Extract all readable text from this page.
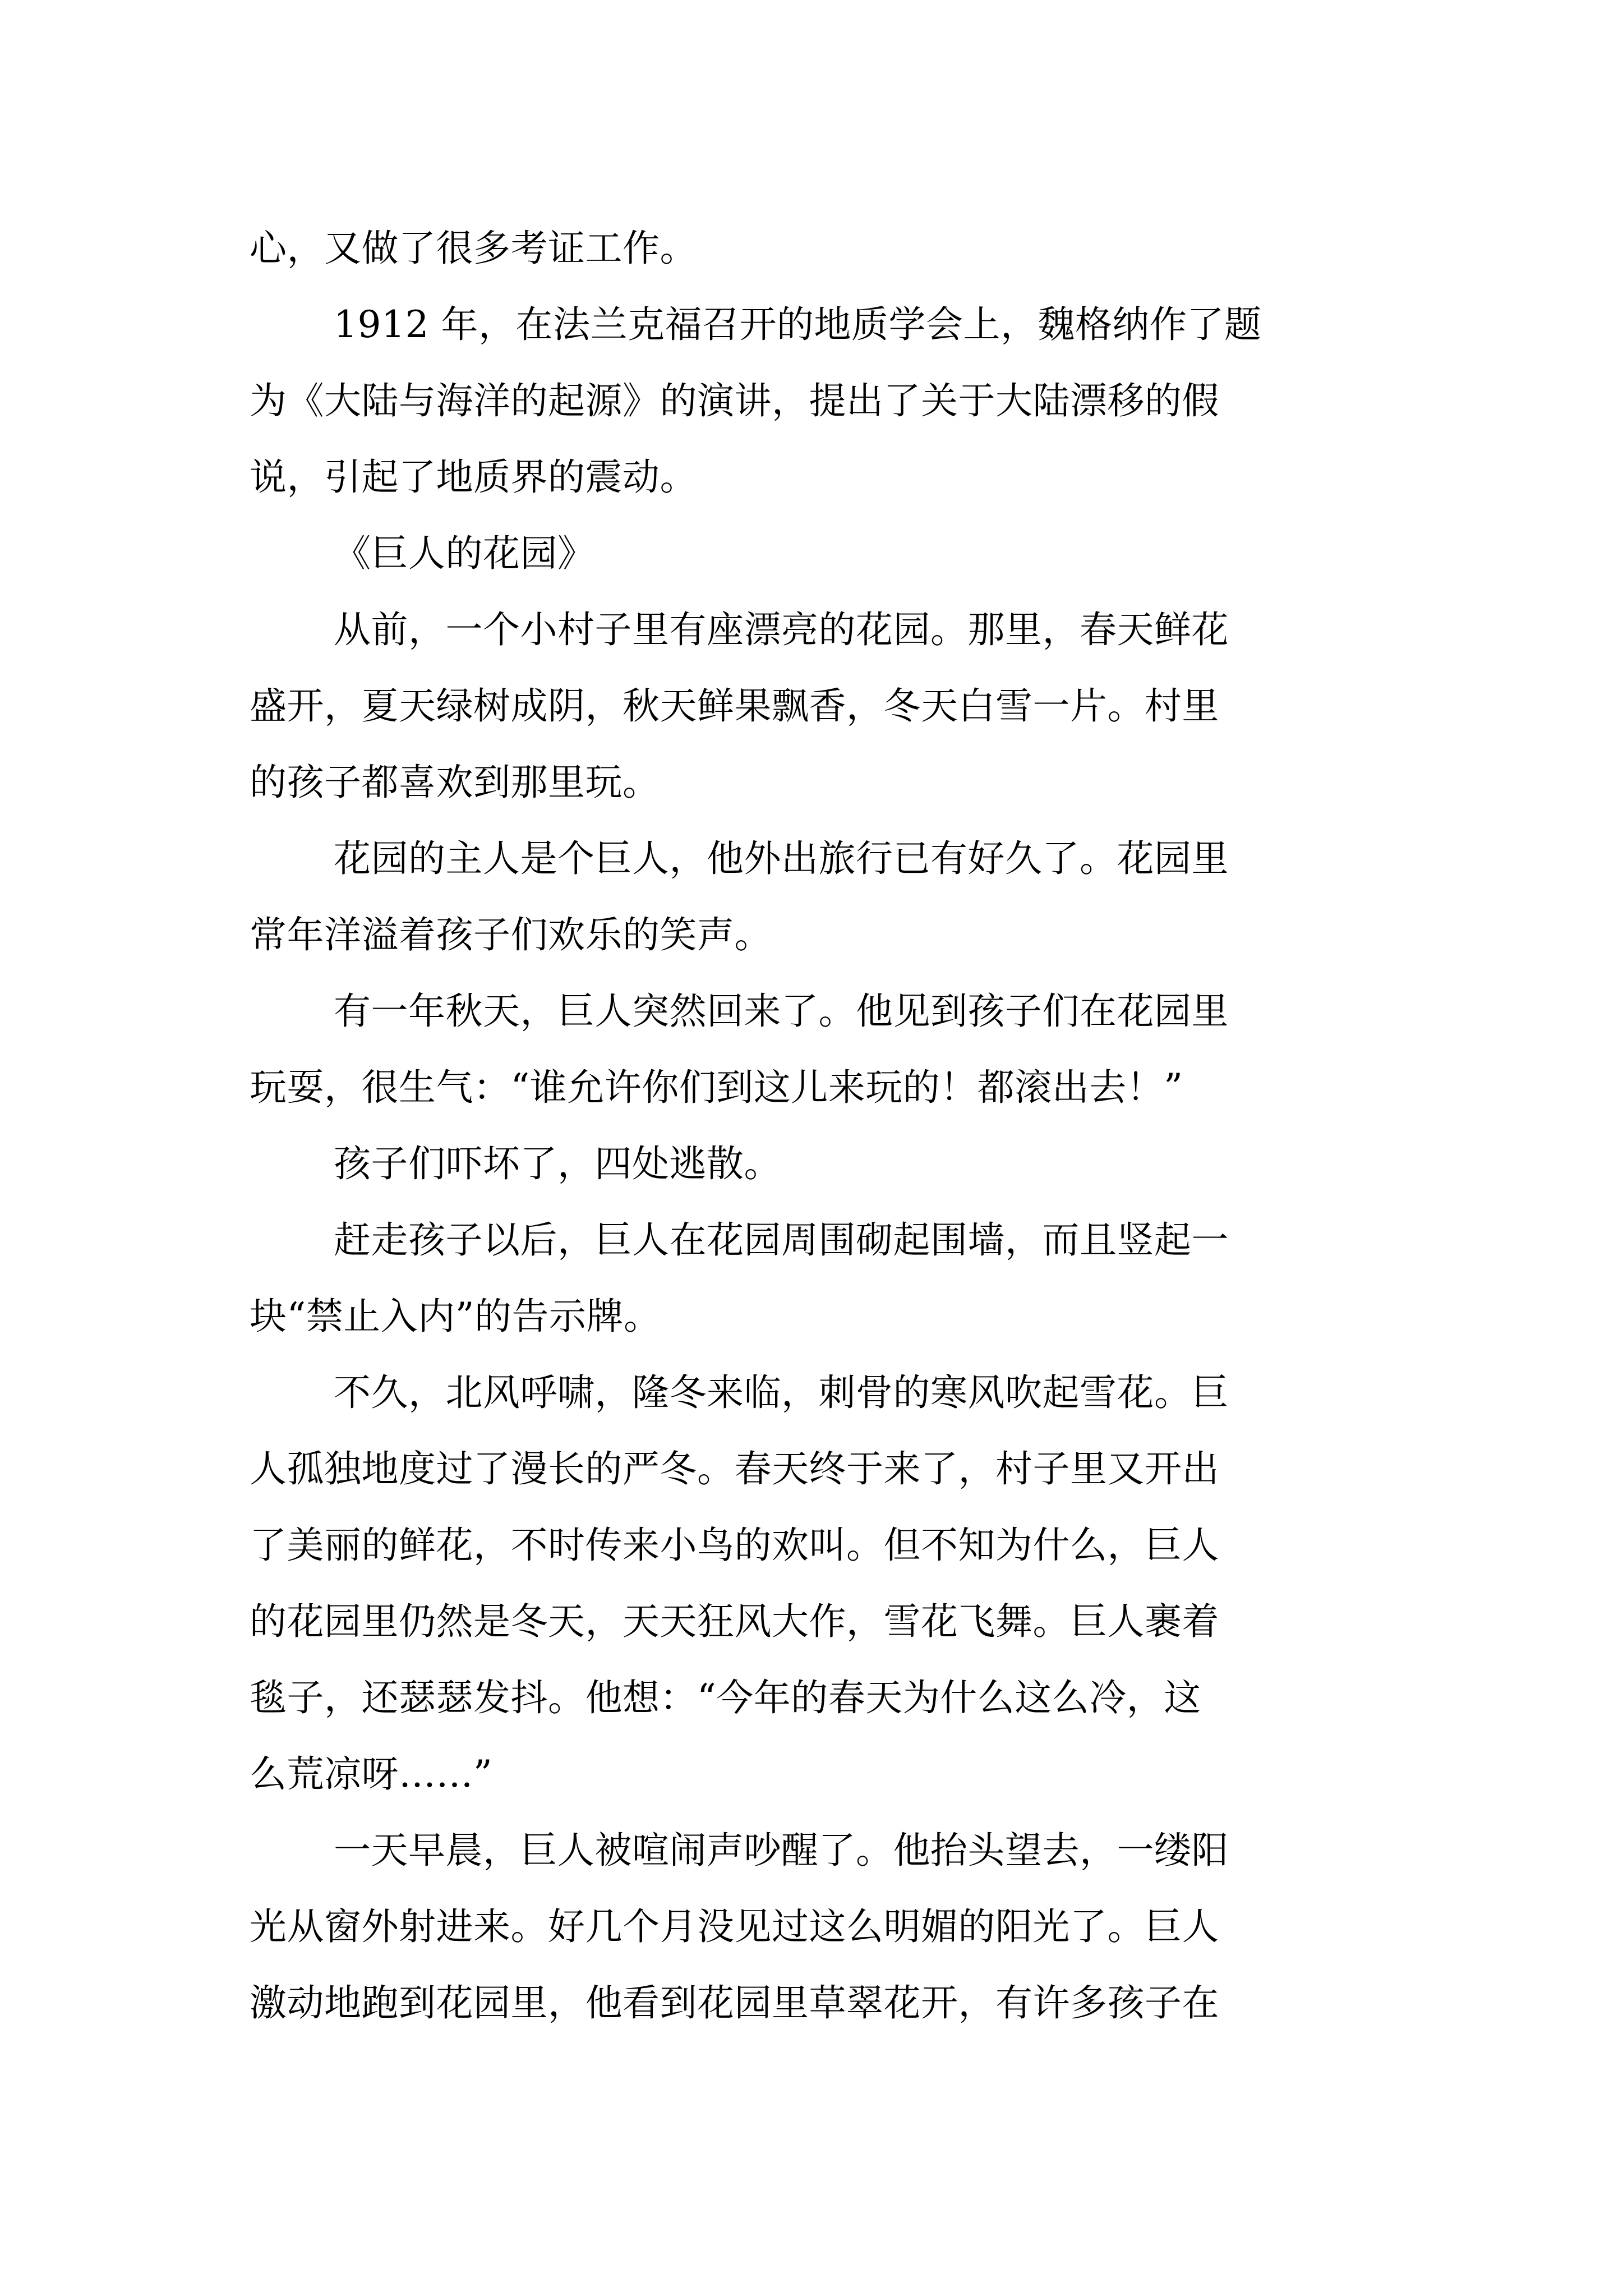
心，又做了很多考证工作。
1912 年，在法兰克福召开的地质学会上，魏格纳作了题
为《大陆与海洋的起源》的演讲，提出了关于大陆漂移的假
说，引起了地质界的震动。
《巨人的花园》
从前，一个小村子里有座漂亮的花园。那里，春天鲜花
盛开，夏天绿树成阴，秋天鲜果飘香，冬天白雪一片。村里
的孩子都喜欢到那里玩。
花园的主人是个巨人，他外出旅行已有好久了。花园里
常年洋溢着孩子们欢乐的笑声。
有一年秋天，巨人突然回来了。他见到孩子们在花园里
玩耍，很生气：“谁允许你们到这儿来玩的！都滚出去！”
孩子们吓坏了，四处逃散。
赶走孩子以后，巨人在花园周围砌起围墙，而且竖起一
块“禁止入内”的告示牌。
不久，北风呼啸，隆冬来临，刺骨的寒风吹起雪花。巨
人孤独地度过了漫长的严冬。春天终于来了，村子里又开出
了美丽的鲜花，不时传来小鸟的欢叫。但不知为什么，巨人
的花园里仍然是冬天，天天狂风大作，雪花飞舞。巨人裹着
毯子，还瑟瑟发抖。他想：“今年的春天为什么这么冷，这
么荒凉呀……”
一天早晨，巨人被喧闹声吵醒了。他抬头望去，一缕阳
光从窗外射进来。好几个月没见过这么明媚的阳光了。巨人
激动地跑到花园里，他看到花园里草翠花开，有许多孩子在
